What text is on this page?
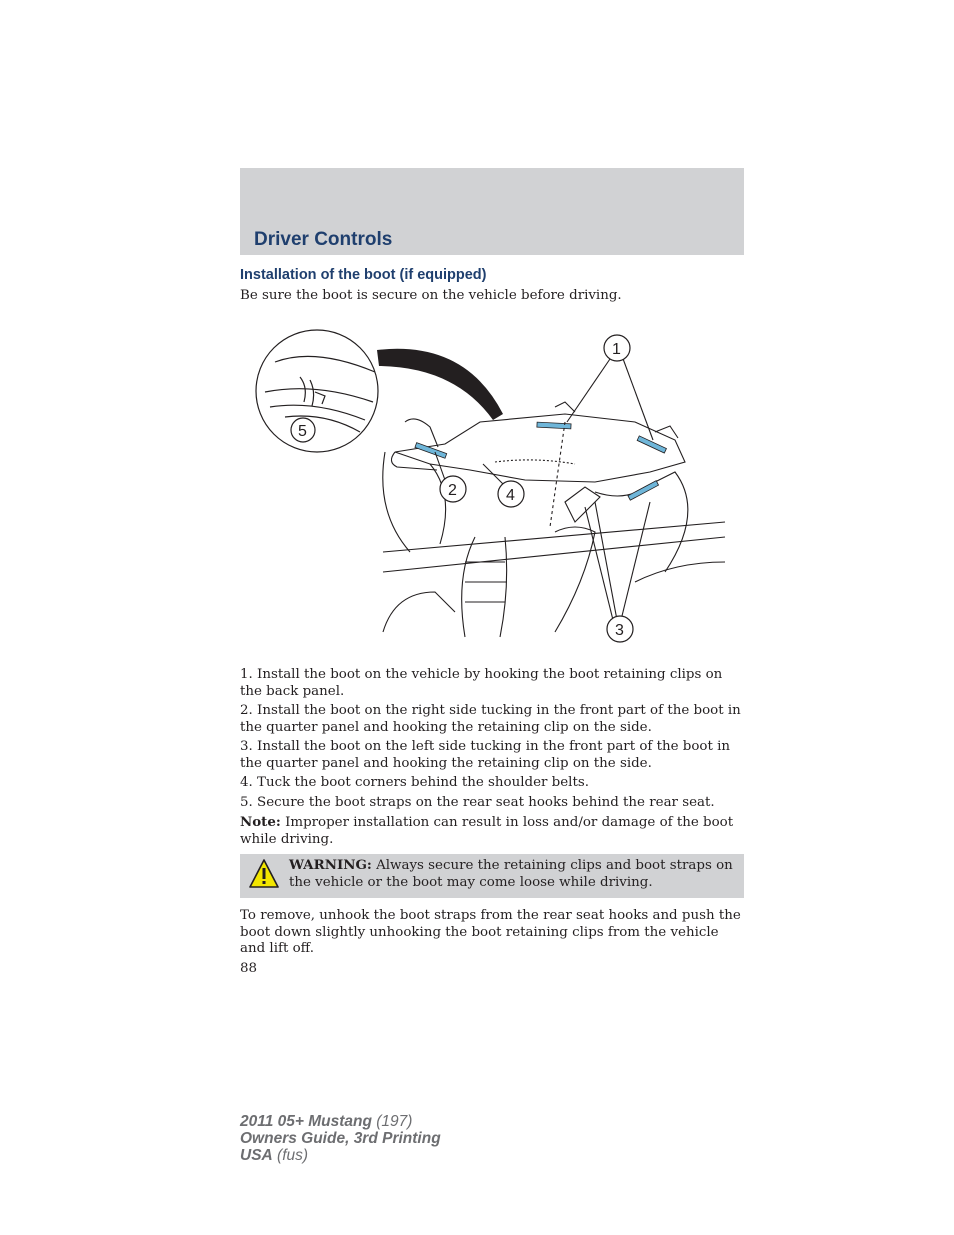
Driver Controls
Installation of the boot (if equipped)
Be sure the boot is secure on the vehicle before driving.
1
2	4
3
5
1. Install the boot on the vehicle by hooking the boot retaining clips on the back panel.
2. Install the boot on the right side tucking in the front part of the boot in the quarter panel and hooking the retaining clip on the side.
3. Install the boot on the left side tucking in the front part of the boot in the quarter panel and hooking the retaining clip on the side.
4. Tuck the boot corners behind the shoulder belts.
5. Secure the boot straps on the rear seat hooks behind the rear seat.
Note: Improper installation can result in loss and/or damage of the boot while driving.
WARNING: Always secure the retaining clips and boot straps on the vehicle or the boot may come loose while driving.
To remove, unhook the boot straps from the rear seat hooks and push the boot down slightly unhooking the boot retaining clips from the vehicle and lift off.
88
2011 05+ Mustang (197)
Owners Guide, 3rd Printing
USA (fus)
